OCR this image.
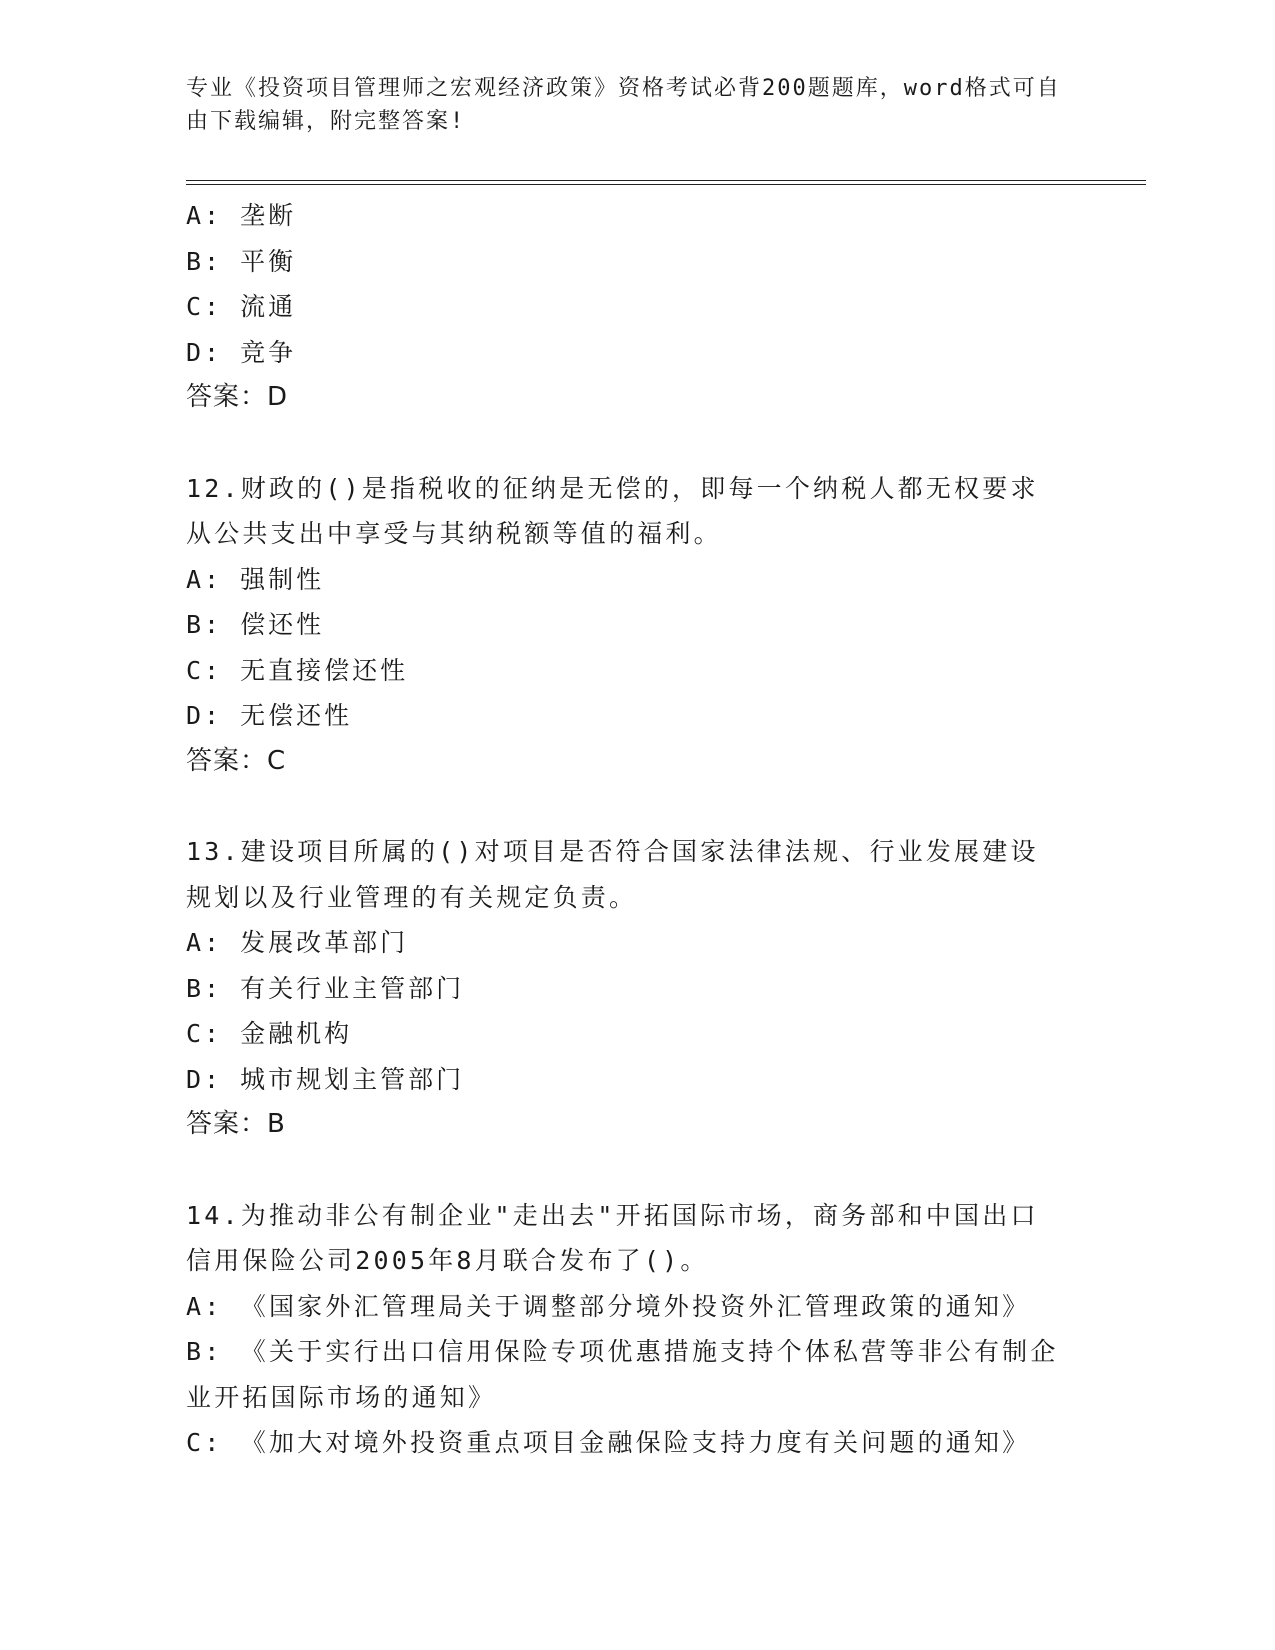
专业《投资项目管理师之宏观经济政策》资格考试必背200题题库，word格式可自由下载编辑，附完整答案!

A: 垄断

B: 平衡

C: 流通

D: 竞争

答案：D

12.财政的()是指税收的征纳是无偿的，即每一个纳税人都无权要求从公共支出中享受与其纳税额等值的福利。

A: 强制性

B: 偿还性

C: 无直接偿还性

D: 无偿还性

答案：C

13.建设项目所属的()对项目是否符合国家法律法规、行业发展建设规划以及行业管理的有关规定负责。

A: 发展改革部门

B: 有关行业主管部门

C: 金融机构

D: 城市规划主管部门

答案：B

14.为推动非公有制企业"走出去"开拓国际市场，商务部和中国出口信用保险公司2005年8月联合发布了()。

A: 《国家外汇管理局关于调整部分境外投资外汇管理政策的通知》

B: 《关于实行出口信用保险专项优惠措施支持个体私营等非公有制企业开拓国际市场的通知》

C: 《加大对境外投资重点项目金融保险支持力度有关问题的通知》
